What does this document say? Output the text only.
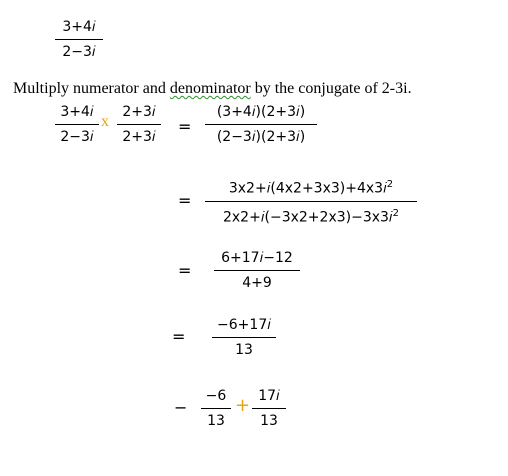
3+4𝑖
2−3𝑖
Multiply numerator and denominator by the conjugate of 2-3i.
3+4𝑖
2−3𝑖
x
2+3𝑖
2+3𝑖
=
(3+4𝑖)(2+3𝑖)
(2−3𝑖)(2+3𝑖)
=
3x2+𝑖(4x2+3x3)+4x3𝑖$^2$
2x2+𝑖(−3x2+2x3)−3x3𝑖$^2$
=
6+17𝑖−12
4+9
=
−6+17𝑖
13
−
−6
13
+ 17𝑖
13
